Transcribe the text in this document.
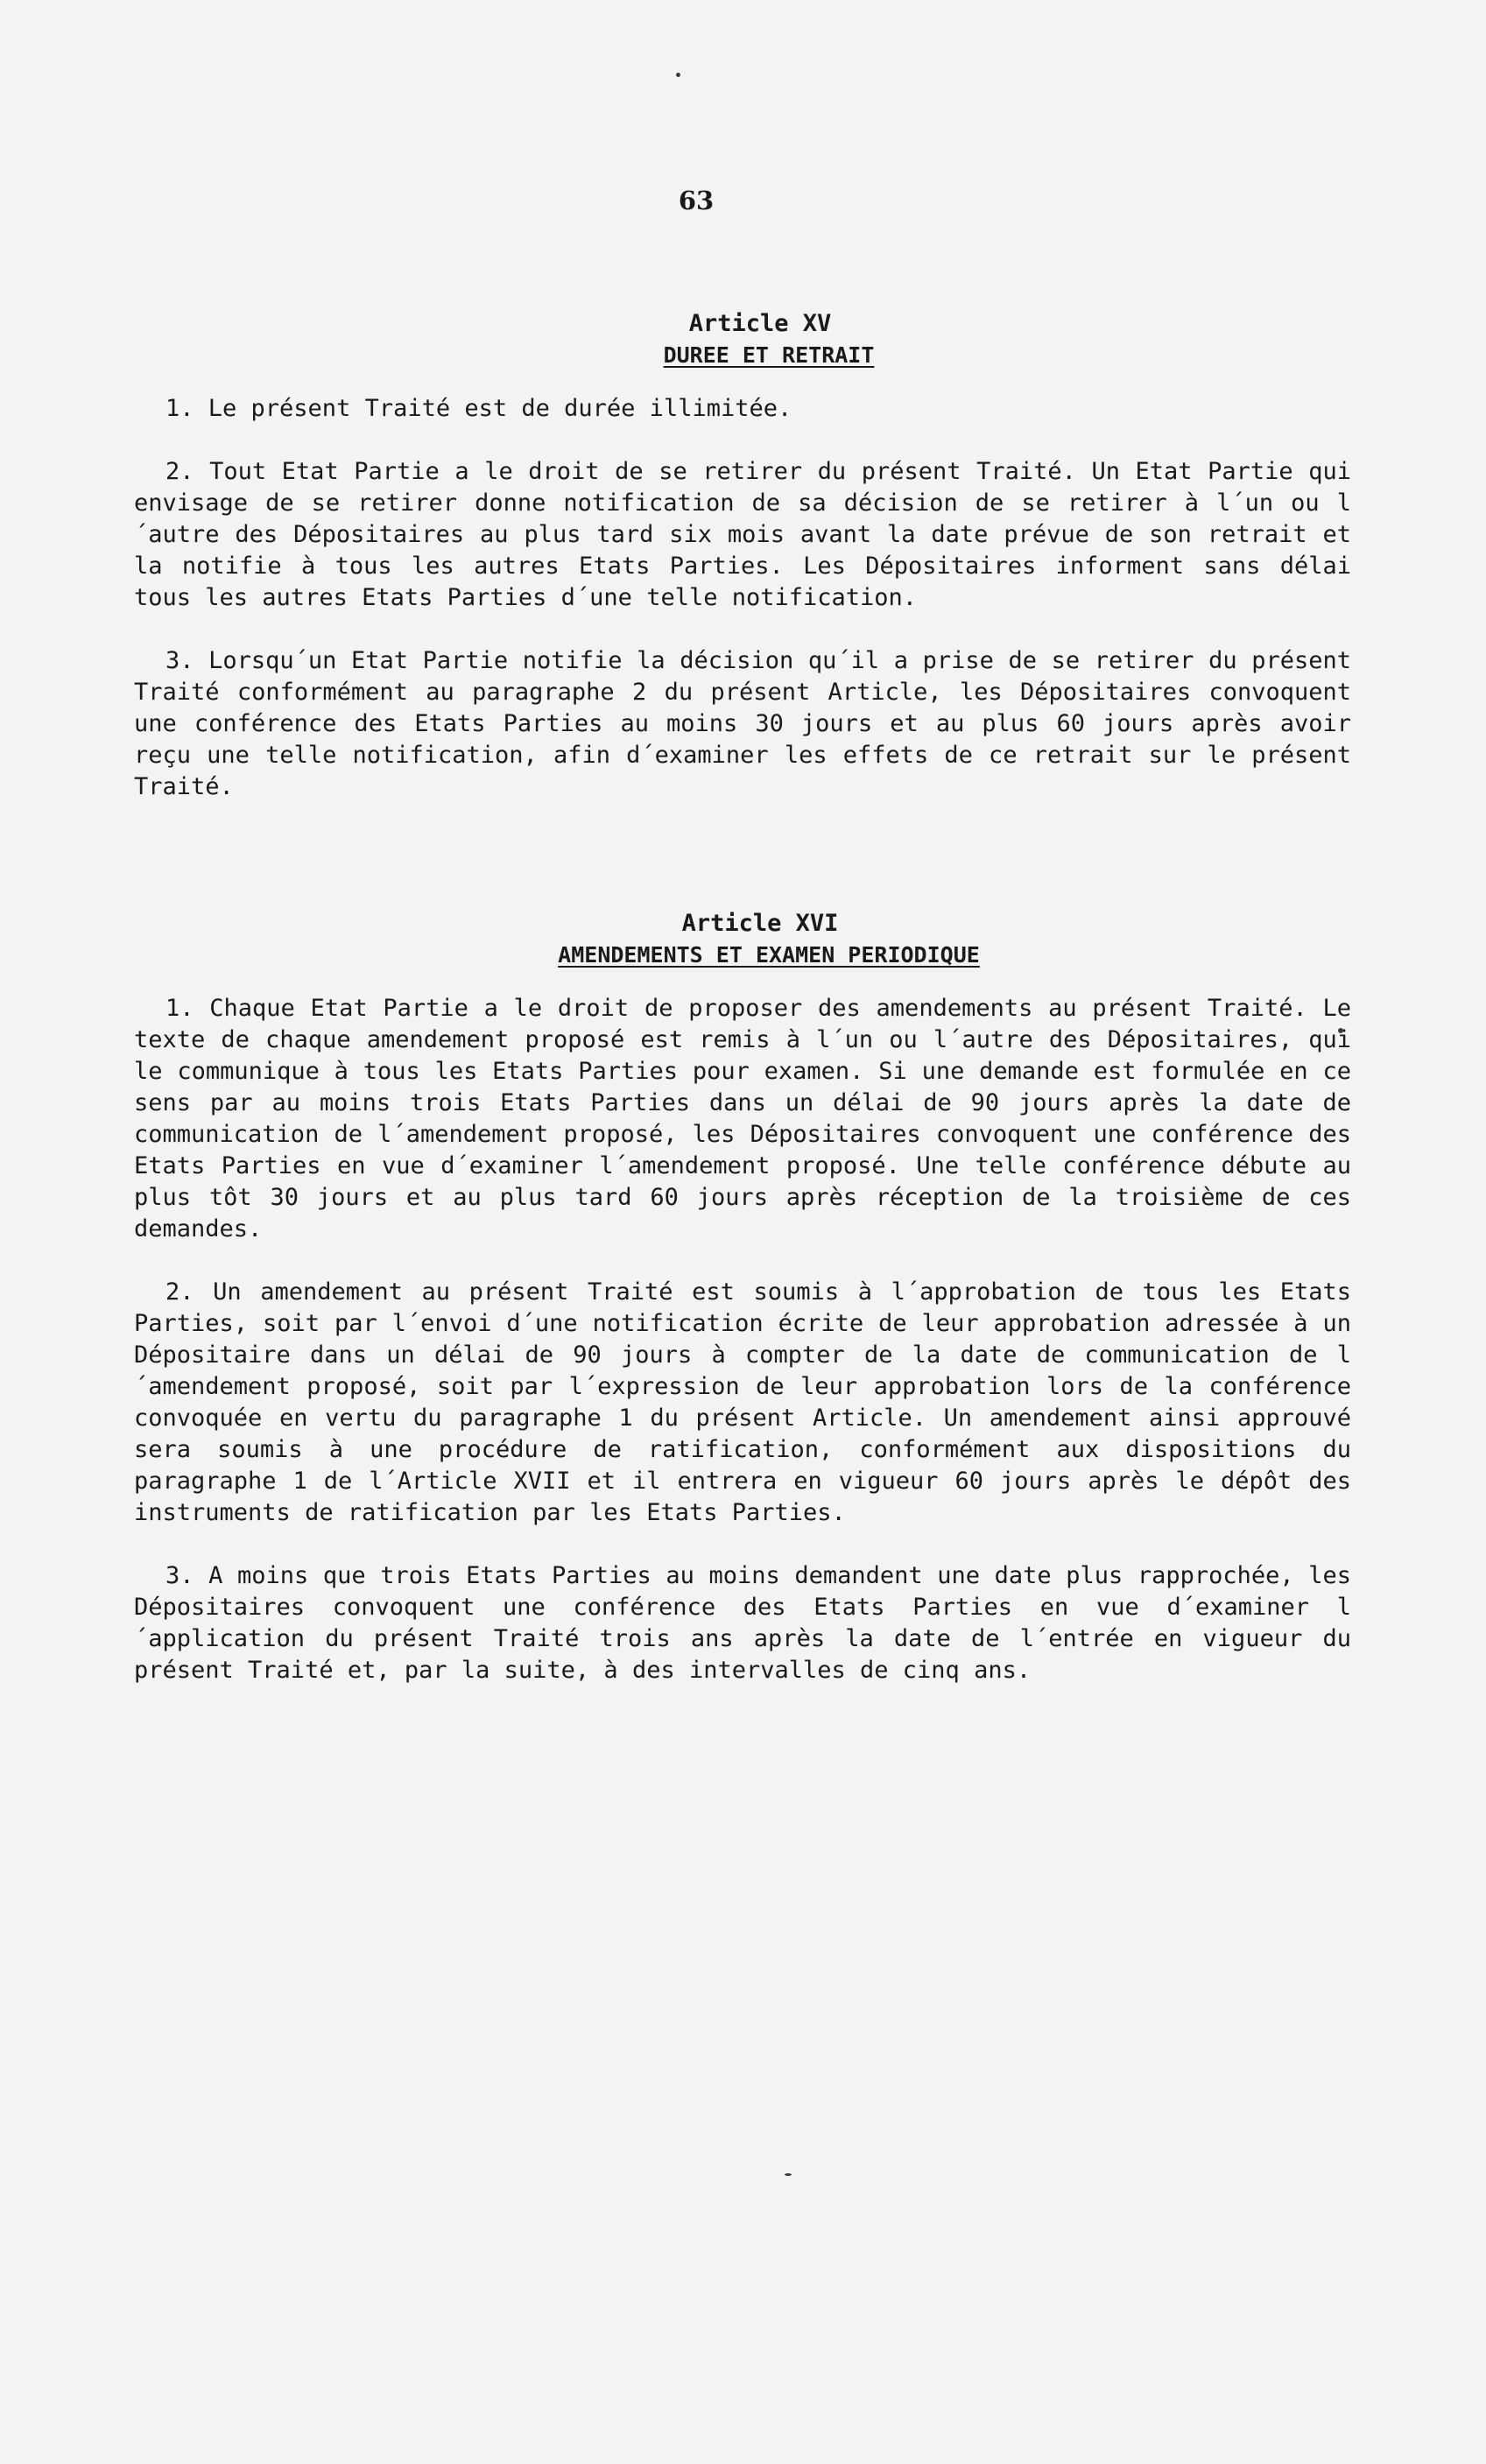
63
Article XV
DUREE ET RETRAIT

1. Le présent Traité est de durée illimitée.

2. Tout Etat Partie a le droit de se retirer du présent Traité. Un Etat Partie qui envisage de se retirer donne notification de sa décision de se retirer à l´un ou l´autre des Dépositaires au plus tard six mois avant la date prévue de son retrait et la notifie à tous les autres Etats Parties. Les Dépositaires informent sans délai tous les autres Etats Parties d´une telle notification.

3. Lorsqu´un Etat Partie notifie la décision qu´il a prise de se retirer du présent Traité conformément au paragraphe 2 du présent Article, les Dépositaires convoquent une conférence des Etats Parties au moins 30 jours et au plus 60 jours après avoir reçu une telle notification, afin d´examiner les effets de ce retrait sur le présent Traité.

Article XVI
AMENDEMENTS ET EXAMEN PERIODIQUE

1. Chaque Etat Partie a le droit de proposer des amendements au présent Traité. Le texte de chaque amendement proposé est remis à l´un ou l´autre des Dépositaires, qui le communique à tous les Etats Parties pour examen. Si une demande est formulée en ce sens par au moins trois Etats Parties dans un délai de 90 jours après la date de communication de l´amendement proposé, les Dépositaires convoquent une conférence des Etats Parties en vue d´examiner l´amendement proposé. Une telle conférence débute au plus tôt 30 jours et au plus tard 60 jours après réception de la troisième de ces demandes.

2. Un amendement au présent Traité est soumis à l´approbation de tous les Etats Parties, soit par l´envoi d´une notification écrite de leur approbation adressée à un Dépositaire dans un délai de 90 jours à compter de la date de communication de l´amendement proposé, soit par l´expression de leur approbation lors de la conférence convoquée en vertu du paragraphe 1 du présent Article. Un amendement ainsi approuvé sera soumis à une procédure de ratification, conformément aux dispositions du paragraphe 1 de l´Article XVII et il entrera en vigueur 60 jours après le dépôt des instruments de ratification par les Etats Parties.

3. A moins que trois Etats Parties au moins demandent une date plus rapprochée, les Dépositaires convoquent une conférence des Etats Parties en vue d´examiner l´application du présent Traité trois ans après la date de l´entrée en vigueur du présent Traité et, par la suite, à des intervalles de cinq ans.
